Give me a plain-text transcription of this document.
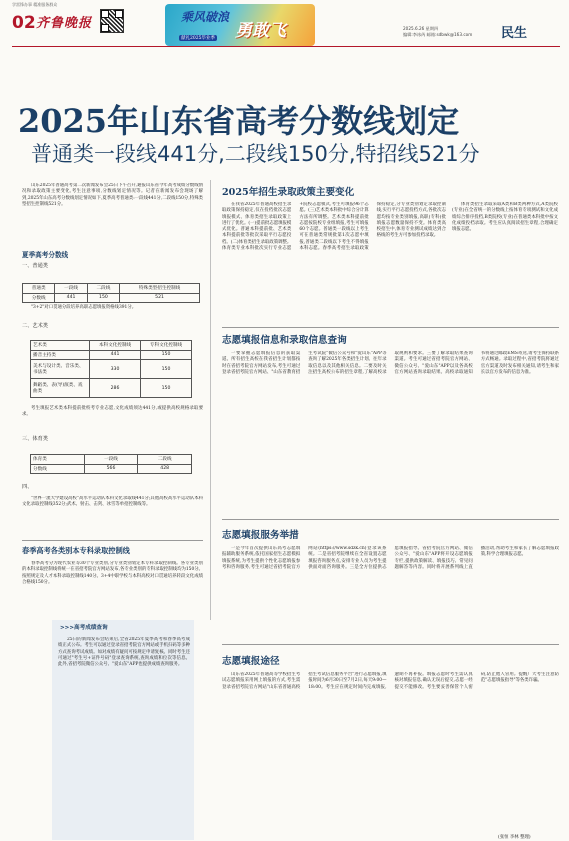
学雷锋办事 精准服务群众
02 齐鲁晚报	乘风破浪
勇敢飞
献礼2025毕业季
2025.6.26 星期四
编辑:李冰芮 邮箱:sdbwk@163.com 民生
2025年山东省高考分数线划定
普通类一段线441分,二段线150分,特招线521分
山东2025年普通高考第二次新闻发布会25日下午召开,通报山东省今年高考成绩分数线情况和录取政策主要变化,考生注意事项,分数线划定情况等。记者在新闻发布会现场了解到,2025年山东高考分数线划定情况如下,夏季高考普通类:一段线441分,二段线150分,特殊类型招生控制线521分。
夏季高考分数线
一、普通类
普通类	一段线	二段线	特殊类型招生控制线
分数线	441	150	521
"3+2"对口贯通分段培养高职志愿填报资格线391分。
二、艺术类
艺术类	本科文化控制线	专科文化控制线
播音主持类	441	150
美术与设计类、音乐类、书法类	330	150
舞蹈类、表(导)演类、戏曲类	286	150
考生填报艺术类本科提前批校考专业志愿,文化成绩须达441分,或提供高校规格录取要求。
三、体育类
体育类	一段线	二段线
分数线	566	428
四、
"世界一流大学建设高校"高水平运动队本科文化录取线441分;其他高校高水平运动队本科文化录取控制线352分;武术、射击、击剑、冰雪等单招控制线等。
春季高考各类别本专科录取控制线
春季高考分为现代农业等30个专业类别,分专业类别划定本专科录取控制线。各专业类别的本科录取控制线将统一在省招考院官方网站发布,各专业类别的专科录取控制线均为150分。按照规定及人才本科录取控制线140分。3+4中职学校与本科高校对口贯通培养转段文化成绩合格线150分。
>>>高考成绩查询
25日的新闻发布会结束后,全省2025年夏季高考和春季高考成绩正式公布。考生可以通过登录省招考院官方网站或手机扫码等多种方式查询考试成绩。如对成绩有疑问可按规定申请复核。同时考生还可通过"考生号+证件号码"登录查询系统,查询成绩和位次等信息。此外,省招考院微信公众号、"爱山东"APP也提供成绩查询服务。
2025年招生录取政策主要变化
在我省2025年普通高校招生录取政策保持稳定,仅在投档批次志愿填报模式、体育类招生录取政策上进行了优化。(一)提前批志愿填报模式优化。普通本科提前批、艺术类本科提前批等批次采取平行志愿投档。(二)体育类招生录取政策调整。体育类专业本科批次实行专业志愿+院校志愿模式,考生可填报96个志愿。(三)艺术类本科批中综合分计算方法有所调整。艺术类本科提前批志愿按院校专业组填报,考生可填报60个志愿。普通类一段线以上考生可在普通类常规批第1次志愿中填报,普通类二段线以下考生不得填报本科志愿。春季高考招生录取政策保持稳定,分专业类别划定录取控制线,实行平行志愿投档方式,各批次志愿均按专业类别填报,高职(专科)批填报志愿数量保持不变。体育类高校招生中,体育专业测试成绩达到合格线的考生方可参加投档录取。
体育类招生录取采取A类和B类两种方式,A类院校(专业)在全省统一的分数线上按体育专项测试和文化成绩综合排序投档,B类院校(专业)在普通类本科批中按文化成绩投档录取。考生应认真阅读招生章程,合理确定填报志愿。
志愿填报信息和录取信息查询
一要掌握志愿填报信息的获取渠道。所有招生高校在我省招生计划都按时在省招考院官方网站发布,考生可通过登录省招考院官方网站、"山东省教育招生考试院"微信公众号和"爱山东"APP等查询了解2025年各类招生计划、往年录取信息以及其他相关信息。二要及时关注招生高校公布的招生章程,了解高校录取规则和要求。三要了解录取结果查询渠道。考生可通过省招考院官方网站、微信公众号、"爱山东"APP以及各高校官方网站查询录取结果。高校录取通知书将通过邮政EMS寄送,请考生保持联系方式畅通。录取过程中,省招考院将通过官方渠道及时发布相关通知,请考生和家长以官方发布的信息为准。
志愿填报服务举措
一是今年首次提供山东高考志愿填报辅助服务系统,依托国家招生志愿模拟填报系统,为考生提供个性化志愿填报参考和咨询服务,考生可通过省招考院官方网站(https://www.sdzk.cn)登录该系统。二是省招考院继续在全省设置志愿填报咨询服务点,安排专业人员为考生提供面对面咨询服务。三是全方位提供志愿填报指导。省招考院官方网站、微信公众号、"爱山东"APP将开设志愿填报专栏,提供政策解读、填报技巧、常见问题解答等内容。同时将开展系列线上直播活动,帮助考生和家长了解志愿填报政策,科学合理填报志愿。
志愿填报途径
山东省2025年普通高等学校招生考试志愿填报采用网上填报的方式,考生需登录省招考院官方网站"山东省普通高校招生考试信息服务平台"进行志愿填报,填报时间为6月30日至7月2日,每天9:00—18:00。考生应在规定时间内完成填报,逾期不再补报。填报志愿时考生需认真核对填报信息,确认无误后提交,志愿一经提交不能修改。考生要妥善保管个人密码,防止他人冒用。提醒广大考生注意防范"志愿填报指导"等各类诈骗。
(张恒 李林 整理)
